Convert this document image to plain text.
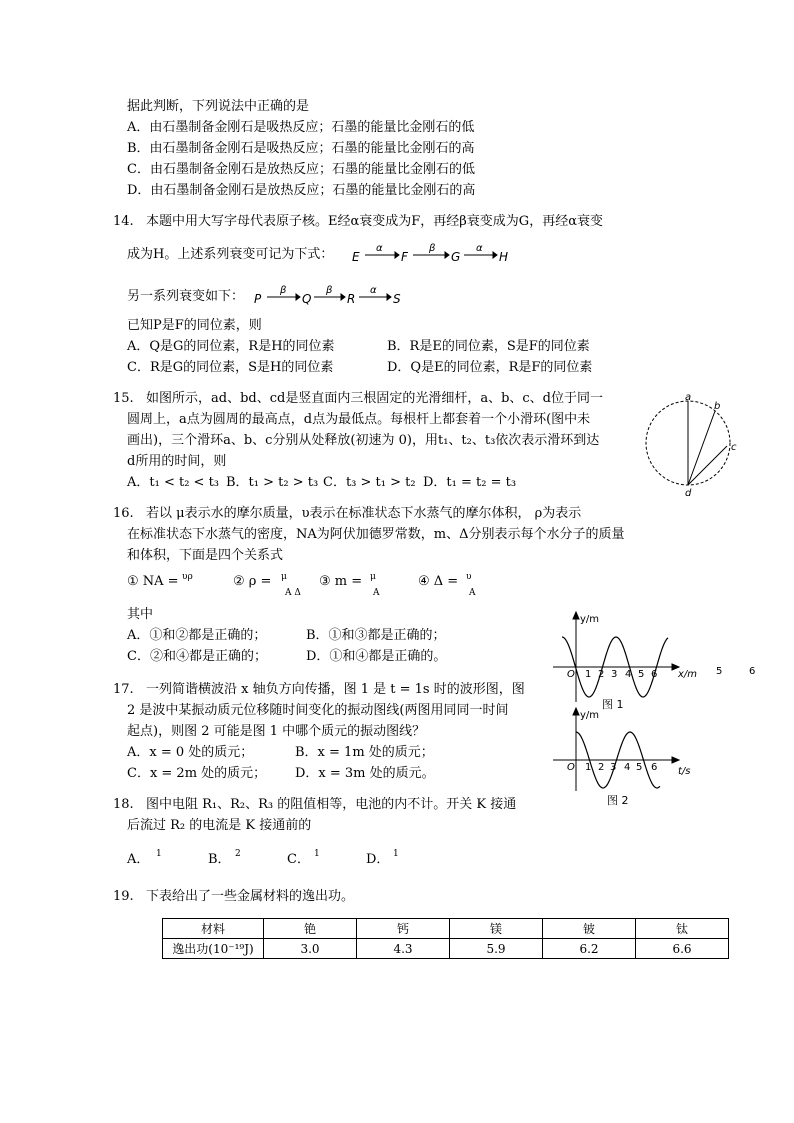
据此判断，下列说法中正确的是
A．由石墨制备金刚石是吸热反应；石墨的能量比金刚石的低
B．由石墨制备金刚石是吸热反应；石墨的能量比金刚石的高
C．由石墨制备金刚石是放热反应；石墨的能量比金刚石的低
D．由石墨制备金刚石是放热反应；石墨的能量比金刚石的高
14. 本题中用大写字母代表原子核。E经α衰变成为F，再经β衰变成为G，再经α衰变
成为H。上述系列衰变可记为下式： E
α
F
β
G
α
H
另一系列衰变如下： P
β
Q
β
R
α
S
已知P是F的同位素，则
A．Q是G的同位素，R是H的同位素	B．R是E的同位素，S是F的同位素
C．R是G的同位素，S是H的同位素	D．Q是E的同位素，R是F的同位素
15. 如图所示，ad、bd、cd是竖直面内三根固定的光滑细杆，a、b、c、d位于同一
圆周上，a点为圆周的最高点，d点为最低点。每根杆上都套着一个小滑环(图中未
画出)，三个滑环a、b、c分别从处释放(初速为 0)，用t₁、t₂、t₃依次表示滑环到达
d所用的时间，则
A．t₁ < t₂ < t₃ B．t₁ > t₂ > t₃ C．t₃ > t₁ > t₂ D．t₁ = t₂ = t₃
a
b
c
d
16. 若以 μ表示水的摩尔质量，υ表示在标准状态下水蒸气的摩尔体积， ρ为表示
在标准状态下水蒸气的密度，NA为阿伏加德罗常数，m、Δ分别表示每个水分子的质量
和体积，下面是四个关系式
① NA = υρ	② ρ = μ
A Δ
③ m = μ
A
④ Δ = υ
A
其中
A．①和②都是正确的；	B．①和③都是正确的；
C．②和④都是正确的；	D．①和④都是正确的。
y/m
O 1 2 3 4 5 6 x/m 5	6
图 1
y/m
O 1 2 3 4 5 6 t/s
图 2
17. 一列简谐横波沿 x 轴负方向传播，图 1 是 t = 1s 时的波形图，图
2 是波中某振动质元位移随时间变化的振动图线(两图用同同一时间
起点)，则图 2 可能是图 1 中哪个质元的振动图线？
A．x = 0 处的质元；	B．x = 1m 处的质元；
C．x = 2m 处的质元； D．x = 3m 处的质元。
18. 图中电阻 R₁、R₂、R₃ 的阻值相等，电池的内不计。开关 K 接通
后流过 R₂ 的电流是 K 接通前的
A． 1	B． 2	C． 1	D． 1
19. 下表给出了一些金属材料的逸出功。
材料	铯	钙	镁	铍	钛
逸出功(10⁻¹⁹J)	3.0	4.3	5.9	6.2	6.6
